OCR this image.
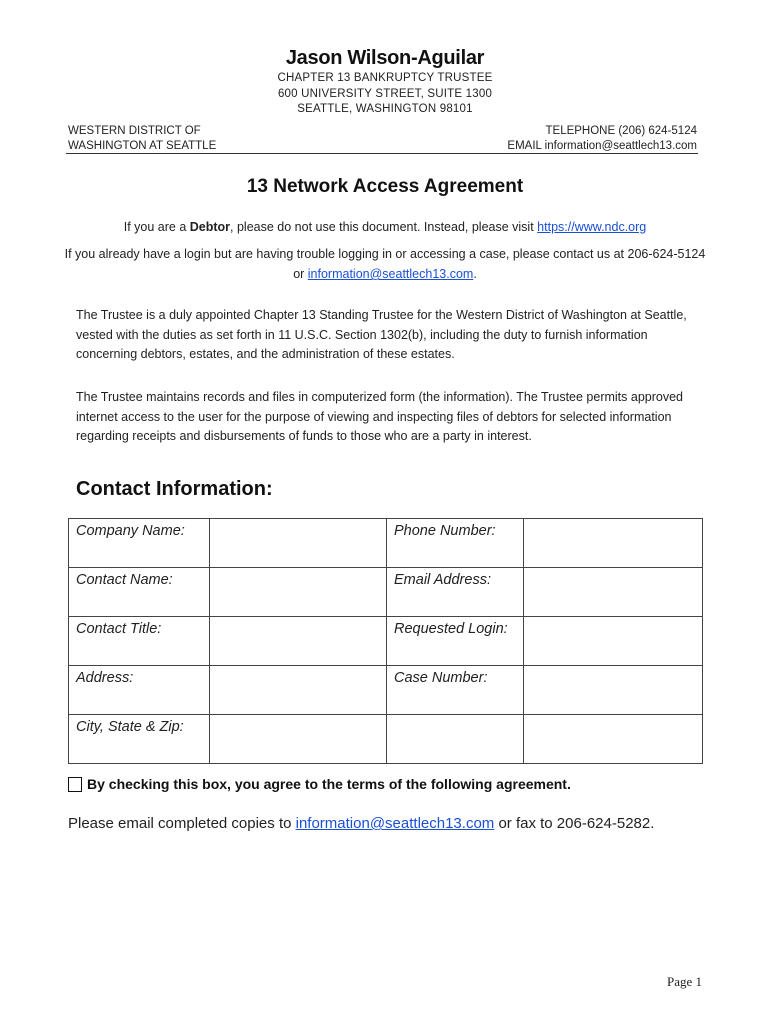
Jason Wilson-Aguilar
CHAPTER 13 BANKRUPTCY TRUSTEE
600 UNIVERSITY STREET, SUITE 1300
SEATTLE, WASHINGTON 98101
WESTERN DISTRICT OF
WASHINGTON AT SEATTLE
TELEPHONE (206) 624-5124
EMAIL information@seattlech13.com
13 Network Access Agreement
If you are a Debtor, please do not use this document. Instead, please visit https://www.ndc.org
If you already have a login but are having trouble logging in or accessing a case, please contact us at 206-624-5124 or information@seattlech13.com.
The Trustee is a duly appointed Chapter 13 Standing Trustee for the Western District of Washington at Seattle, vested with the duties as set forth in 11 U.S.C. Section 1302(b), including the duty to furnish information concerning debtors, estates, and the administration of these estates.
The Trustee maintains records and files in computerized form (the information). The Trustee permits approved internet access to the user for the purpose of viewing and inspecting files of debtors for selected information regarding receipts and disbursements of funds to those who are a party in interest.
Contact Information:
Company Name:		Phone Number:	
Contact Name:		Email Address:	
Contact Title:		Requested Login:	
Address:		Case Number:	
City, State & Zip:			
By checking this box, you agree to the terms of the following agreement.
Please email completed copies to information@seattlech13.com or fax to 206-624-5282.
Page 1
